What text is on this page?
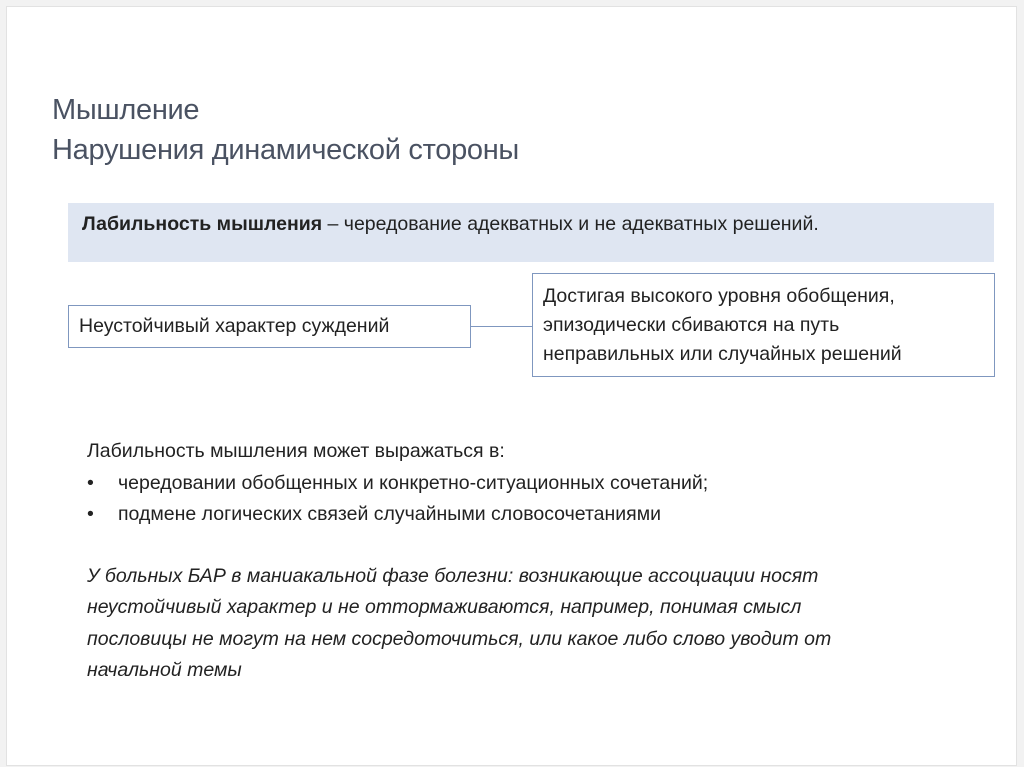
Мышление
Нарушения динамической стороны
Лабильность мышления – чередование адекватных и не адекватных решений.
Неустойчивый характер суждений
Достигая высокого уровня обобщения,
эпизодически сбиваются на путь
неправильных или случайных решений
Лабильность мышления может выражаться в:
•	чередовании обобщенных и конкретно-ситуационных сочетаний;
•	подмене логических связей случайными словосочетаниями
У больных БАР в маниакальной фазе болезни: возникающие ассоциации носят
неустойчивый характер и не оттормаживаются, например, понимая смысл
пословицы не могут на нем сосредоточиться, или какое либо слово уводит от
начальной темы
